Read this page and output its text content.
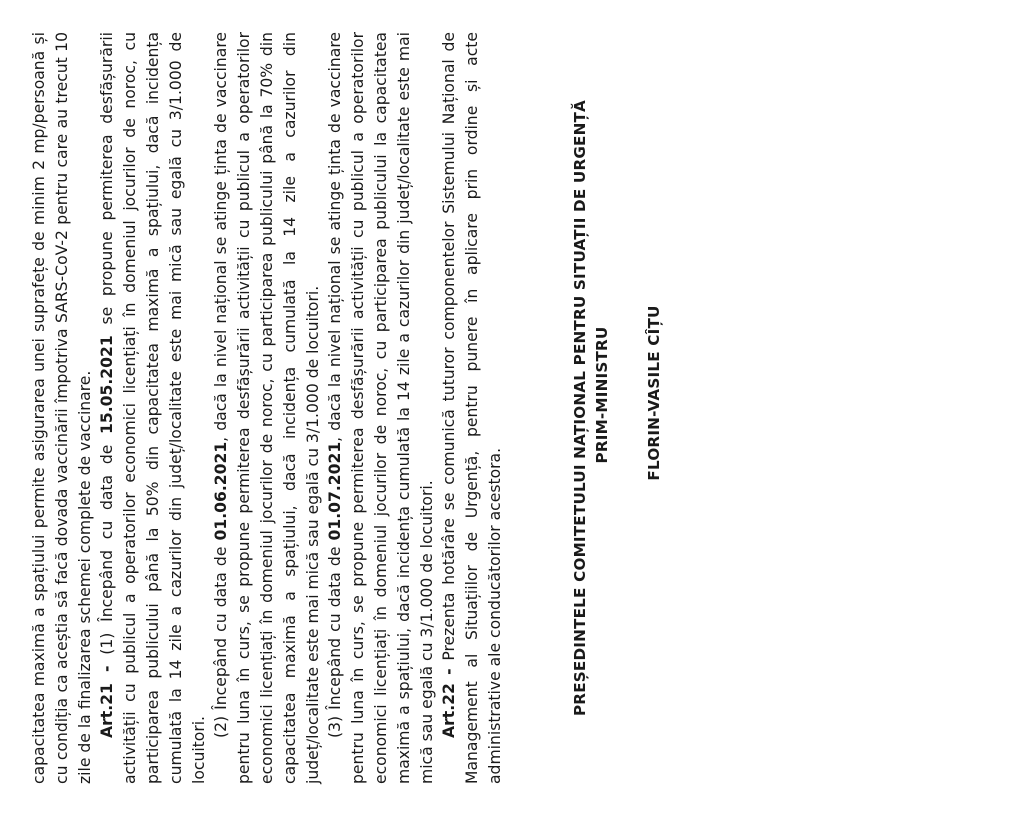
capacitatea maximă a spațiului permite asigurarea unei suprafețe de minim 2 mp/persoană și cu condiția ca aceștia să facă dovada vaccinării împotriva SARS-CoV-2 pentru care au trecut 10 zile de la finalizarea schemei complete de vaccinare. Art.21 - (1) Începând cu data de 15.05.2021 se propune permiterea desfășurării activității cu publicul a operatorilor economici licențiați în domeniul jocurilor de noroc, cu participarea publicului până la 50% din capacitatea maximă a spațiului, dacă incidența cumulată la 14 zile a cazurilor din județ/localitate este mai mică sau egală cu 3/1.000 de locuitori.

(2) Începând cu data de 01.06.2021, dacă la nivel național se atinge ținta de vaccinare pentru luna în curs, se propune permiterea desfășurării activității cu publicul a operatorilor economici licențiați în domeniul jocurilor de noroc, cu participarea publicului până la 70% din capacitatea maximă a spațiului, dacă incidența cumulată la 14 zile a cazurilor din județ/localitate este mai mică sau egală cu 3/1.000 de locuitori. (3) Începând cu data de 01.07.2021, dacă la nivel național se atinge ținta de vaccinare pentru luna în curs, se propune permiterea desfășurării activității cu publicul a operatorilor economici licențiați în domeniul jocurilor de noroc, cu participarea publicului la capacitatea maximă a spațiului, dacă incidența cumulată la 14 zile a cazurilor din județ/localitate este mai mică sau egală cu 3/1.000 de locuitori. Art.22 - Prezenta hotărâre se comunică tuturor componentelor Sistemului Național de Management al Situațiilor de Urgență, pentru punere în aplicare prin ordine și acte administrative ale conducătorilor acestora.	PREȘEDINTELE COMITETULUI NAȚIONAL PENTRU SITUAȚII DE URGENȚĂ PRIM-MINISTRU FLORIN-VASILE CÎȚU
